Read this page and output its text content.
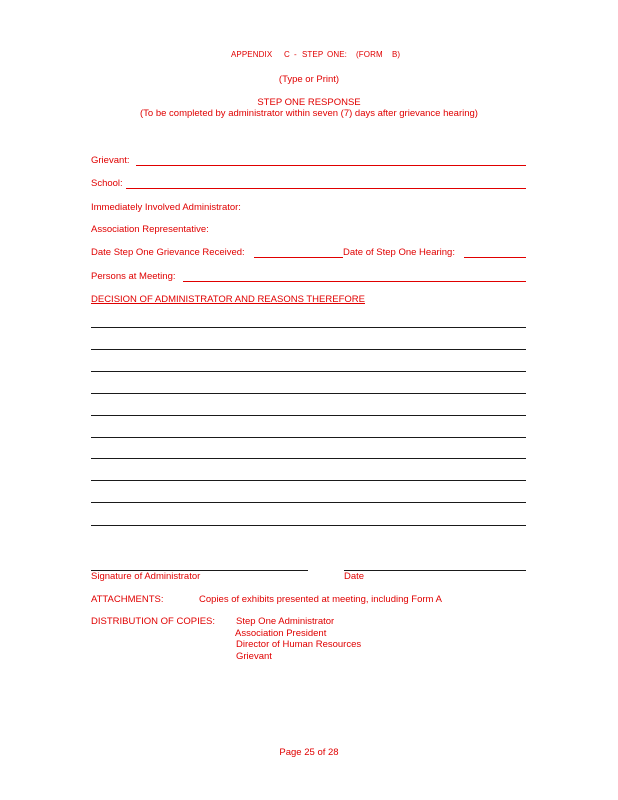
APPENDIX C - STEP ONE: (FORM B)
(Type or Print)
STEP ONE RESPONSE
(To be completed by administrator within seven (7) days after grievance hearing)
Grievant:
School:
Immediately Involved Administrator:
Association Representative:
Date Step One Grievance Received:	Date of Step One Hearing:
Persons at Meeting:
DECISION OF ADMINISTRATOR AND REASONS THEREFORE
Signature of Administrator	Date
ATTACHMENTS:	Copies of exhibits presented at meeting, including Form A
DISTRIBUTION OF COPIES: Step One Administrator
Association President
Director of Human Resources
Grievant
Page 25 of 28
